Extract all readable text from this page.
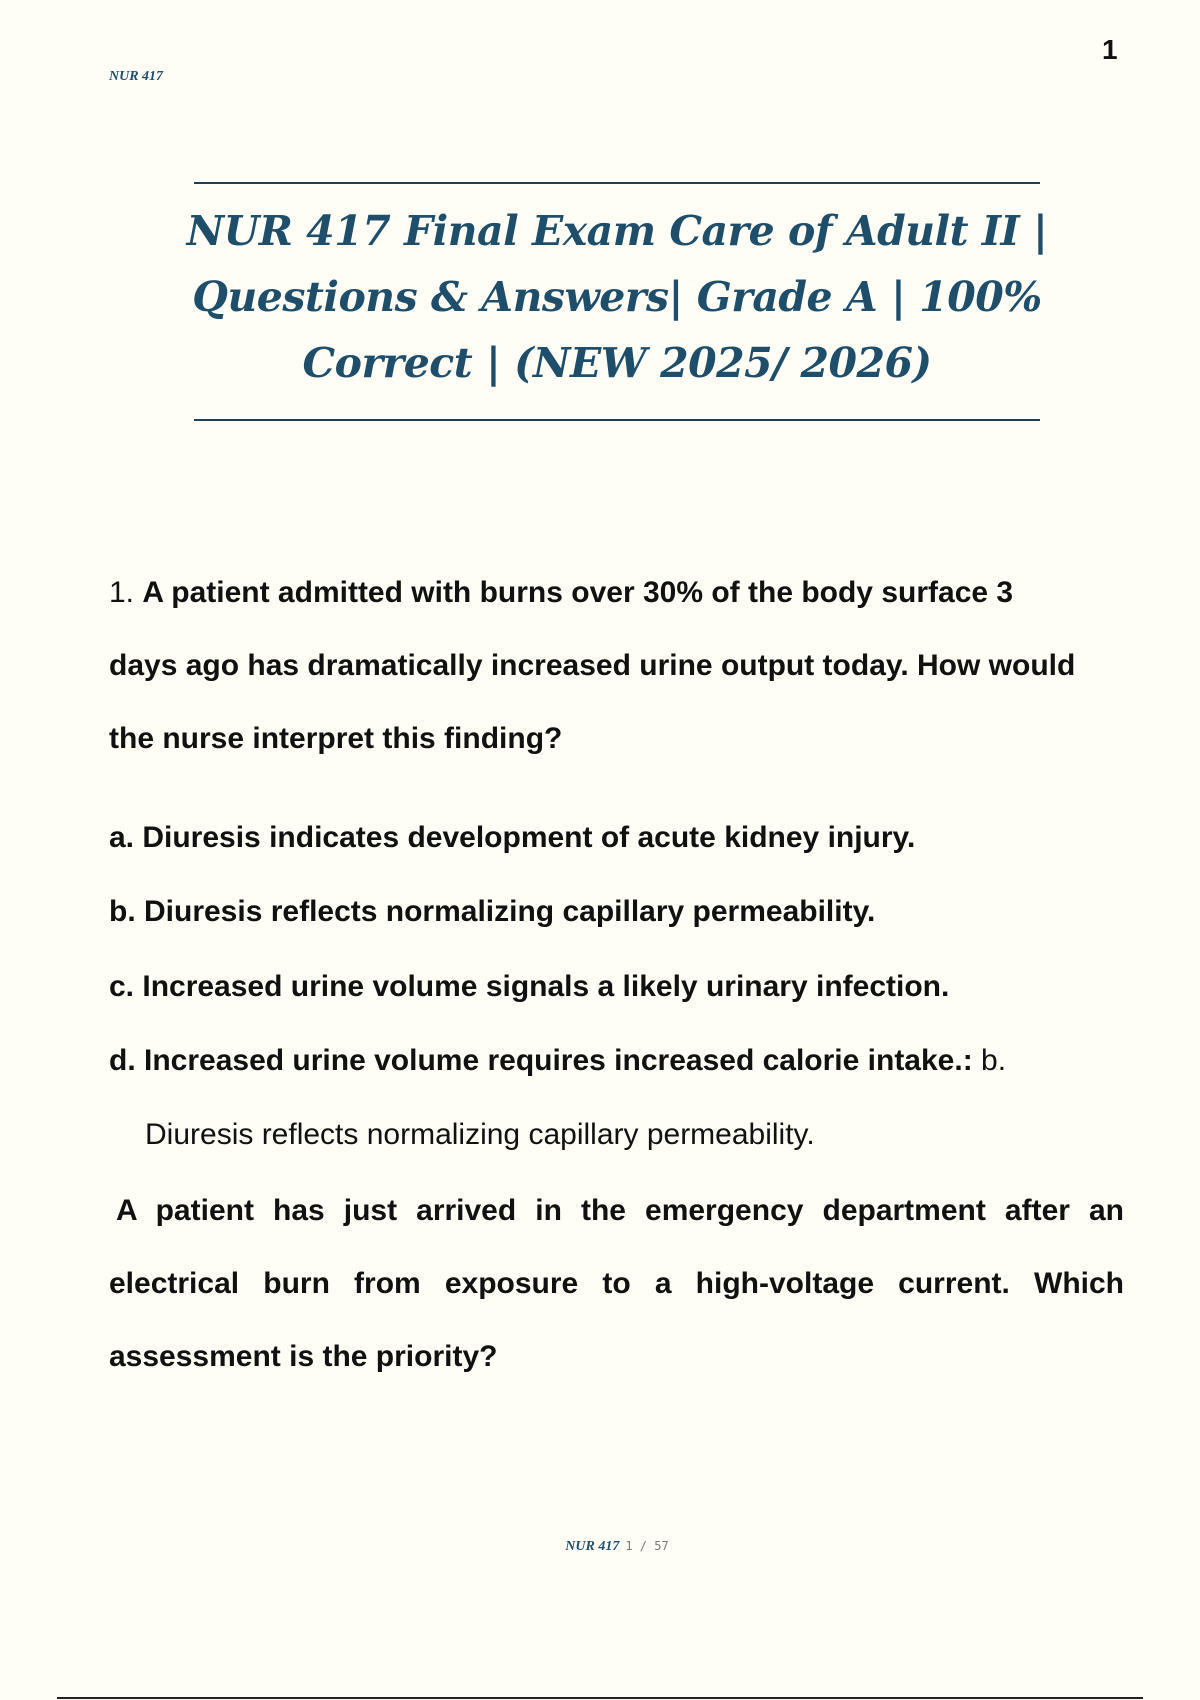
NUR 417
1
NUR 417 Final Exam Care of Adult II |
Questions & Answers| Grade A | 100%
Correct | (NEW 2025/ 2026)

1. A patient admitted with burns over 30% of the body surface 3 days ago has dramatically increased urine output today. How would the nurse interpret this finding?

a. Diuresis indicates development of acute kidney injury.

b. Diuresis reflects normalizing capillary permeability.

c. Increased urine volume signals a likely urinary infection.

d. Increased urine volume requires increased calorie intake.: b.

Diuresis reflects normalizing capillary permeability.

A patient has just arrived in the emergency department after an electrical burn from exposure to a high-voltage current. Which assessment is the priority?

NUR 417 1 / 57
